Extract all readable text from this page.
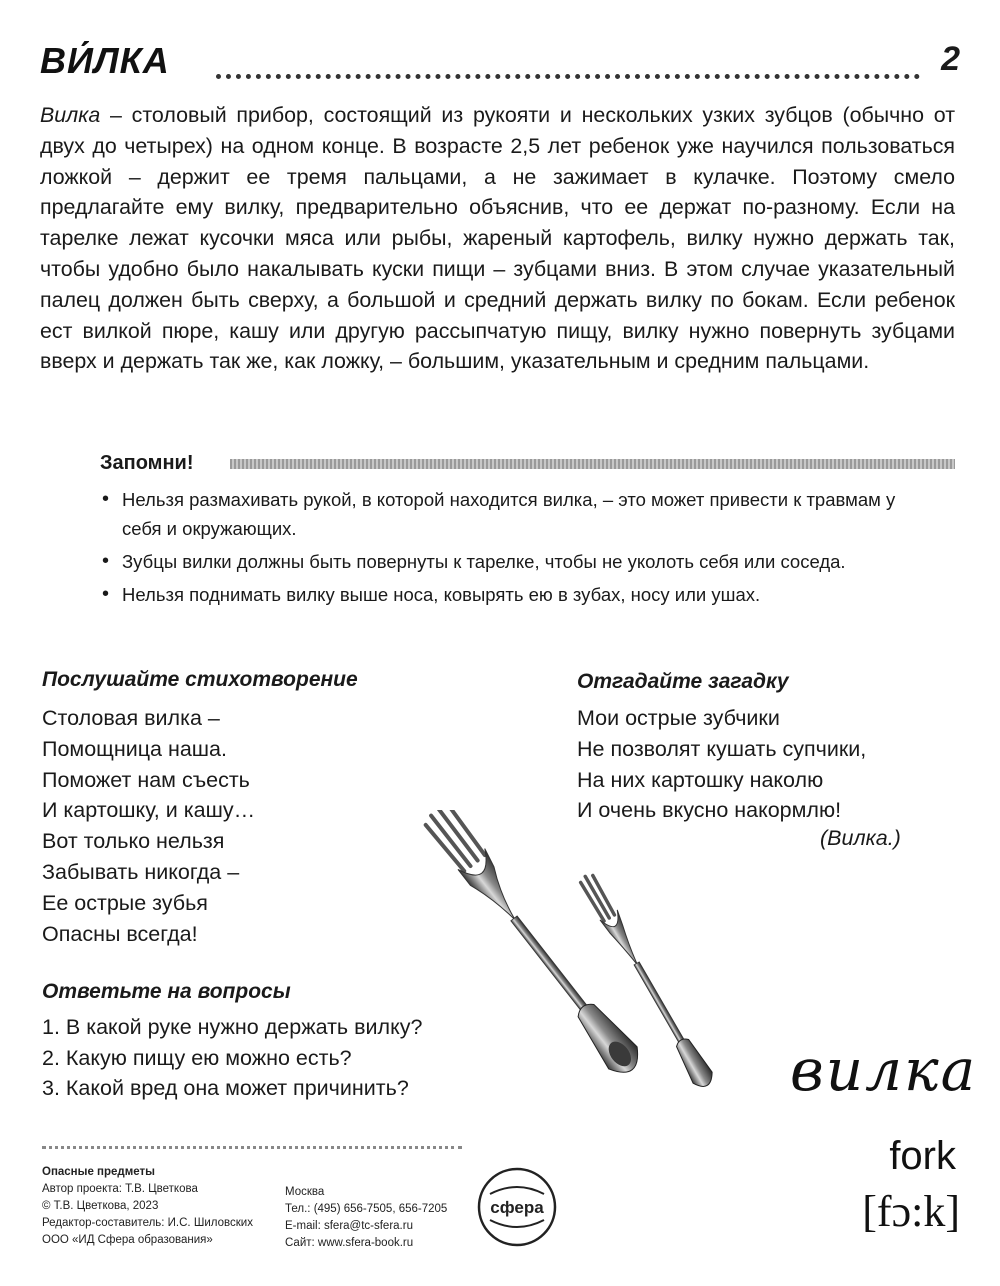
ВИ́ЛКА	2

Вилка – столовый прибор, состоящий из рукояти и нескольких узких зубцов (обычно от двух до четырех) на одном конце. В возрасте 2,5 лет ребенок уже научился пользоваться ложкой – держит ее тремя пальцами, а не зажимает в кулачке. Поэтому смело предлагайте ему вилку, предварительно объяснив, что ее держат по-разному. Если на тарелке лежат кусочки мяса или рыбы, жареный картофель, вилку нужно держать так, чтобы удобно было накалывать куски пищи – зубцами вниз. В этом случае указательный палец должен быть сверху, а большой и средний держать вилку по бокам. Если ребенок ест вилкой пюре, кашу или другую рассыпчатую пищу, вилку нужно повернуть зубцами вверх и держать так же, как ложку, – большим, указательным и средним пальцами.

Запомни!
• Нельзя размахивать рукой, в которой находится вилка, – это может привести к травмам у себя и окружающих.
• Зубцы вилки должны быть повернуты к тарелке, чтобы не уколоть себя или соседа.
• Нельзя поднимать вилку выше носа, ковырять ею в зубах, носу или ушах.
Послушайте стихотворение
Столовая вилка –
Помощница наша.
Поможет нам съесть
И картошку, и кашу…
Вот только нельзя
Забывать никогда –
Ее острые зубья
Опасны всегда!
Отгадайте загадку
Мои острые зубчики
Не позволят кушать супчики,
На них картошку наколю
И очень вкусно накормлю!
(Вилка.)
Ответьте на вопросы
1. В какой руке нужно держать вилку?
2. Какую пищу ею можно есть?
3. Какой вред она может причинить?	вилка
fork
[fɔ:k]
Опасные предметы
Автор проекта: Т.В. Цветкова
© Т.В. Цветкова, 2023
Редактор-составитель: И.С. Шиловских
ООО «ИД Сфера образования»
Москва
Тел.: (495) 656-7505, 656-7205
E-mail: sfera@tc-sfera.ru
Сайт: www.sfera-book.ru
сфера
